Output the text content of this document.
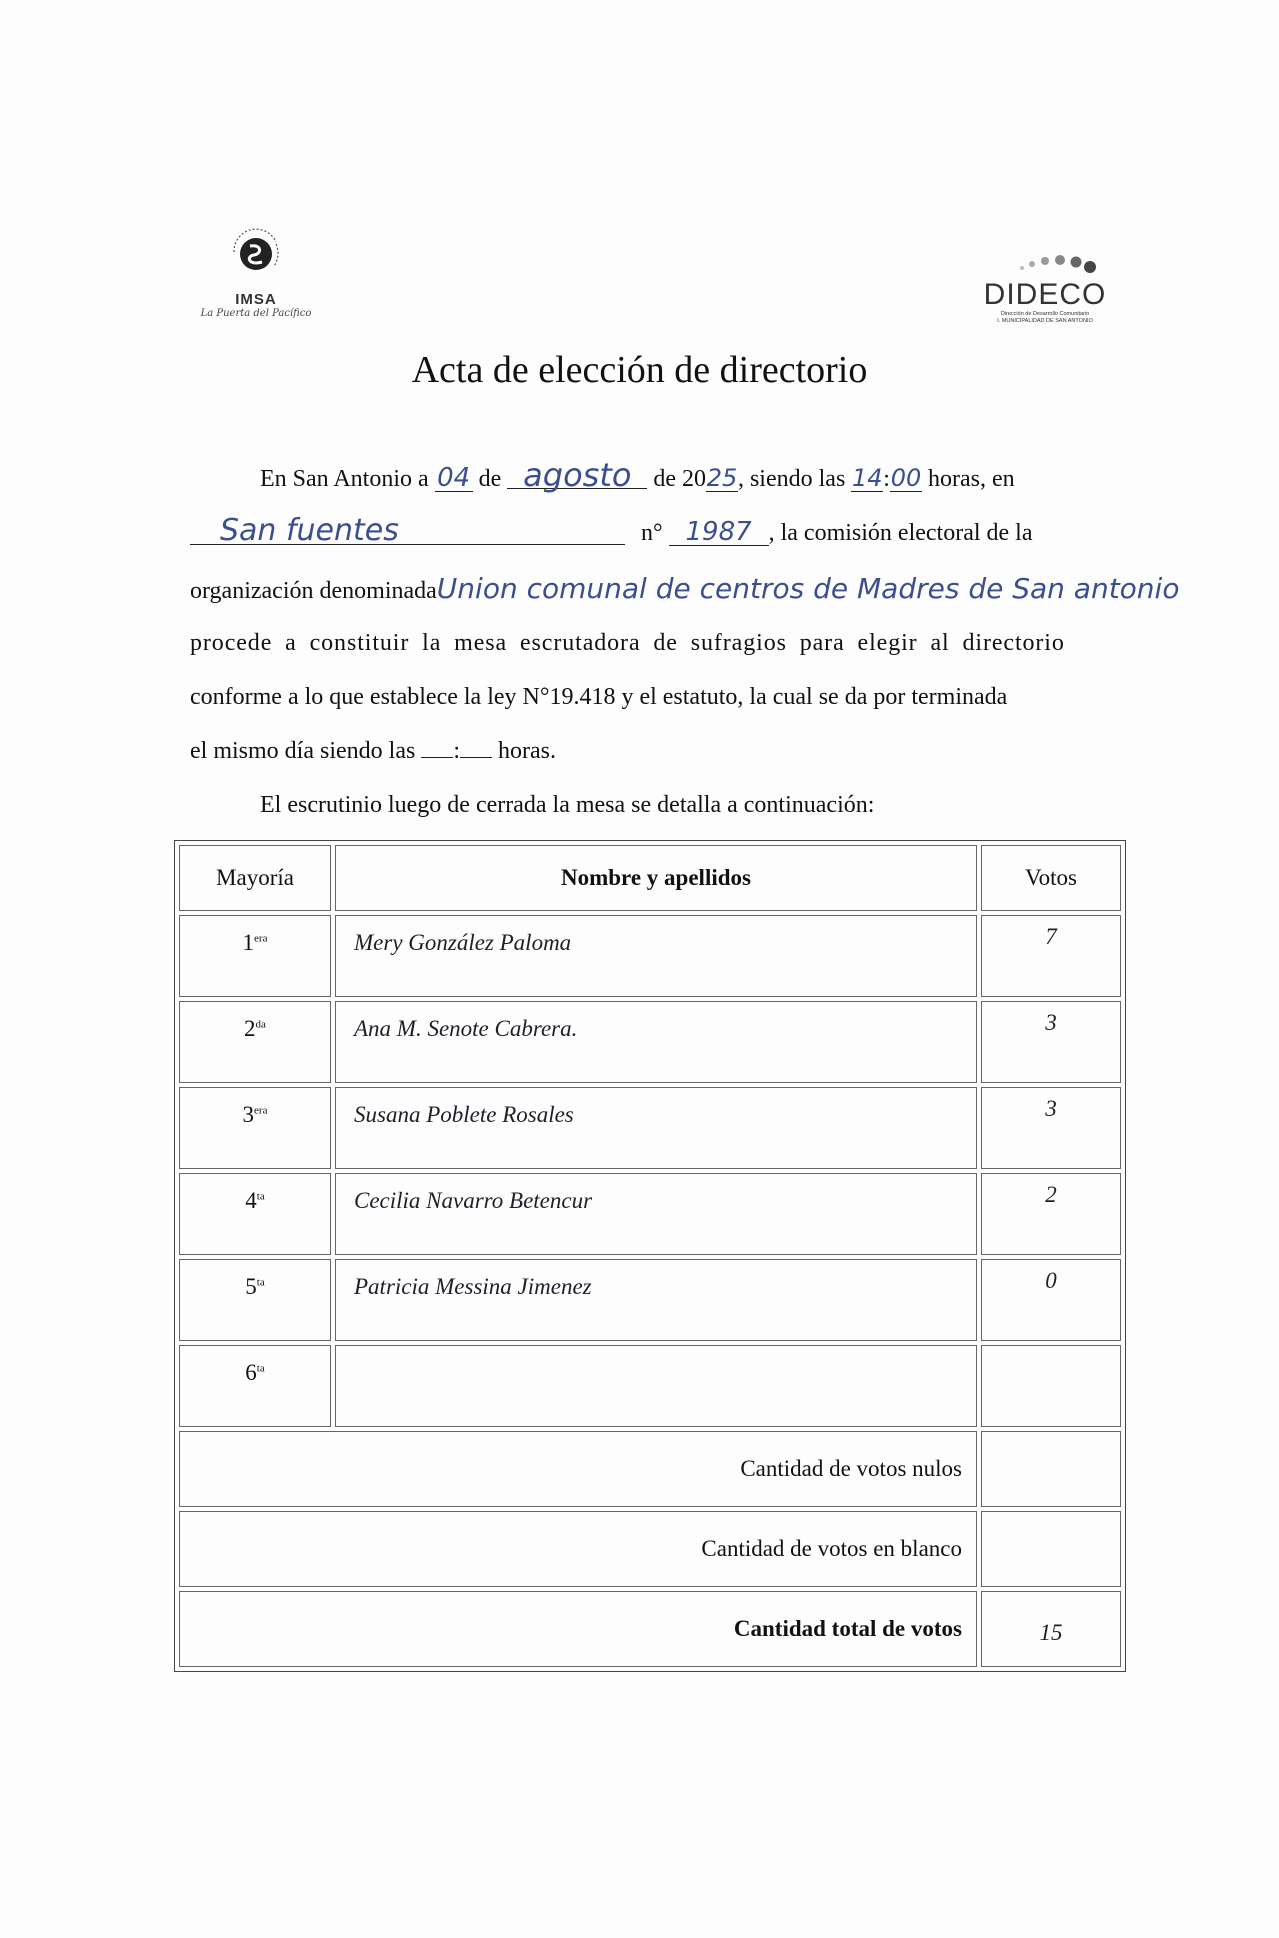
IMSA
La Puerta del Pacífico
DIDECO
Dirección de Desarrollo Comunitario
I. MUNICIPALIDAD DE SAN ANTONIO
Acta de elección de directorio
En San Antonio a 04 de agosto de 2025, siendo las 14:00 horas, en
San fuentes	n° 1987 , la comisión electoral de la
organización denominadaUnion comunal de centros de Madres de San antonio
procede a constituir la mesa escrutadora de sufragios para elegir al directorio
conforme a lo que establece la ley N°19.418 y el estatuto, la cual se da por terminada
el mismo día siendo las : horas.
El escrutinio luego de cerrada la mesa se detalla a continuación:
Mayoría	Nombre y apellidos	Votos
$1^{era}$	Mery González Paloma	7
$2^{da}$	Ana M. Senote Cabrera.	3
$3^{era}$	Susana Poblete Rosales	3
$4^{ta}$	Cecilia Navarro Betencur	2
$5^{ta}$	Patricia Messina Jimenez	0
$6^{ta}$		
Cantidad de votos nulos		
Cantidad de votos en blanco		
Cantidad total de votos		15
